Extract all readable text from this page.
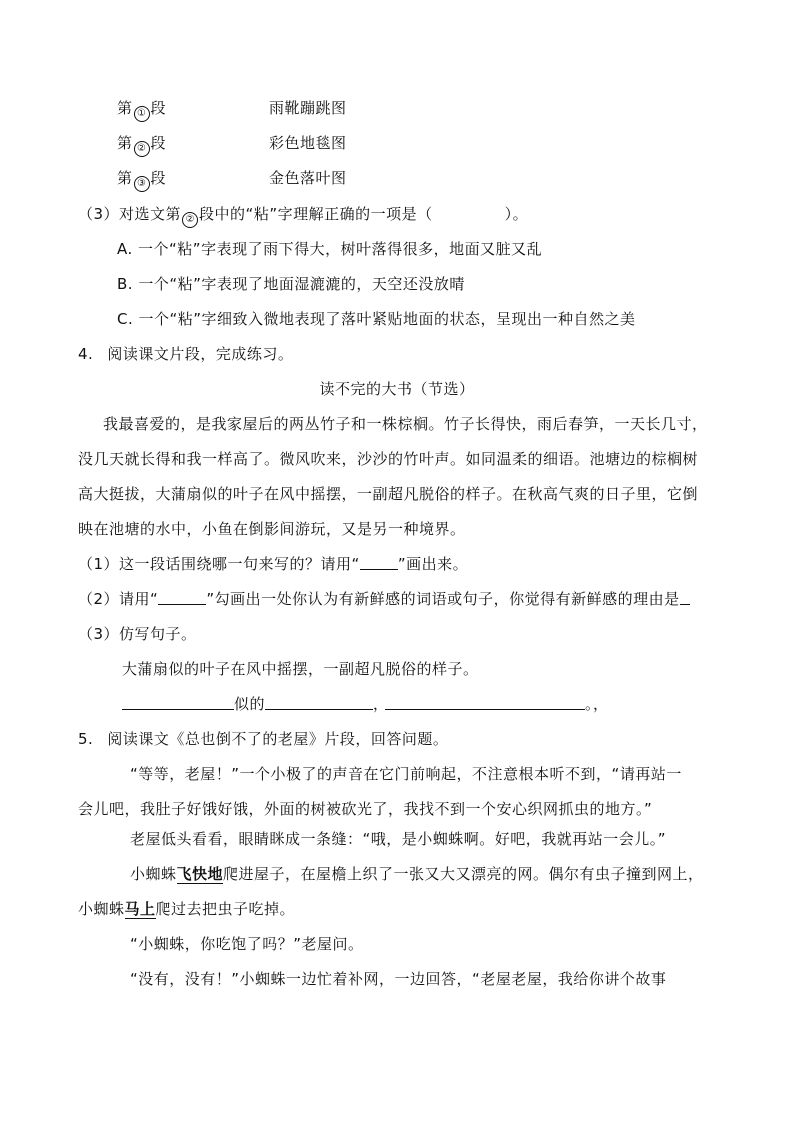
第 ① 段	雨靴蹦跳图
第 ② 段	彩色地毯图
第 ③ 段	金色落叶图
（3）对选文第 ② 段中的“粘”字理解正确的一项是（	）。
A. 一个“粘”字表现了雨下得大，树叶落得很多，地面又脏又乱
B. 一个“粘”字表现了地面湿漉漉的，天空还没放晴
C. 一个“粘”字细致入微地表现了落叶紧贴地面的状态，呈现出一种自然之美
4. 阅读课文片段，完成练习。
读不完的大书（节选）
我最喜爱的，是我家屋后的两丛竹子和一株棕榈。竹子长得快，雨后春笋，一天长几寸，
没几天就长得和我一样高了。微风吹来，沙沙的竹叶声。如同温柔的细语。池塘边的棕榈树
高大挺拔，大蒲扇似的叶子在风中摇摆，一副超凡脱俗的样子。在秋高气爽的日子里，它倒
映在池塘的水中，小鱼在倒影间游玩，又是另一种境界。
（1）这一段话围绕哪一句来写的？请用“	”画出来。
（2）请用“	”勾画出一处你认为有新鲜感的词语或句子，你觉得有新鲜感的理由是
（3）仿写句子。
大蒲扇似的叶子在风中摇摆，一副超凡脱俗的样子。
似的	，	。，
5. 阅读课文《总也倒不了的老屋》片段，回答问题。
“等等，老屋！”一个小极了的声音在它门前响起，不注意根本听不到，“请再站一
会儿吧，我肚子好饿好饿，外面的树被砍光了，我找不到一个安心织网抓虫的地方。”
老屋低头看看，眼睛眯成一条缝：“哦，是小蜘蛛啊。好吧，我就再站一会儿。”
小蜘蛛飞快地爬进屋子，在屋檐上织了一张又大又漂亮的网。偶尔有虫子撞到网上，
小蜘蛛马上爬过去把虫子吃掉。
“小蜘蛛，你吃饱了吗？”老屋问。
“没有，没有！”小蜘蛛一边忙着补网，一边回答，“老屋老屋，我给你讲个故事
